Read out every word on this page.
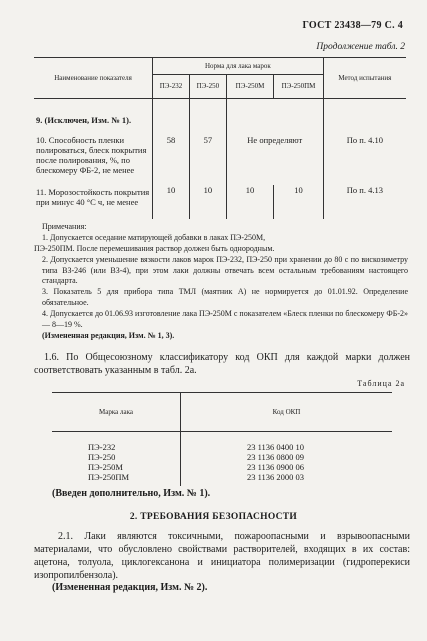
ГОСТ 23438—79 С. 4
Продолжение табл. 2
Наименование показателя	Норма для лака марок				Метод испытания
	ПЭ-232	ПЭ-250	ПЭ-250М	ПЭ-250ПМ	
9. (Исключен, Изм. № 1).					
10. Способность пленки полироваться, блеск покрытия после полирования, %, по блескомеру ФБ-2, не менее	58	57	Не определяют		По п. 4.10
11. Морозостойкость покрытия при минус 40 °С ч, не менее	10	10	10	10	По п. 4.13
Примечания:
1. Допускается оседание матирующей добавки в лаках ПЭ-250М,
ПЭ-250ПМ. После перемешивания раствор должен быть однородным.
2. Допускается уменьшение вязкости лаков марок ПЭ-232, ПЭ-250 при хранении до 80 с по вискозиметру типа ВЗ-246 (или ВЗ-4), при этом лаки должны отвечать всем остальным требованиям настоящего стандарта.
3. Показатель 5 для прибора типа ТМЛ (маятник А) не нормируется до 01.01.92. Определение обязательное.
4. Допускается до 01.06.93 изготовление лака ПЭ-250М с показателем «Блеск пленки по блескомеру ФБ-2» — 8—19 %.
(Измененная редакция, Изм. № 1, 3).
1.6. По Общесоюзному классификатору код ОКП для каждой марки должен соответствовать указанным в табл. 2а.
Таблица 2а
Марка лака	Код ОКП
ПЭ-232	23 1136 0400 10
ПЭ-250	23 1136 0800 09
ПЭ-250М	23 1136 0900 06
ПЭ-250ПМ	23 1136 2000 03
(Введен дополнительно, Изм. № 1).
2. ТРЕБОВАНИЯ БЕЗОПАСНОСТИ
2.1. Лаки являются токсичными, пожароопасными и взрывоопасными материалами, что обусловлено свойствами растворителей, входящих в их состав: ацетона, толуола, циклогексанона и инициатора полимеризации (гидроперекиси изопропилбензола).
(Измененная редакция, Изм. № 2).
